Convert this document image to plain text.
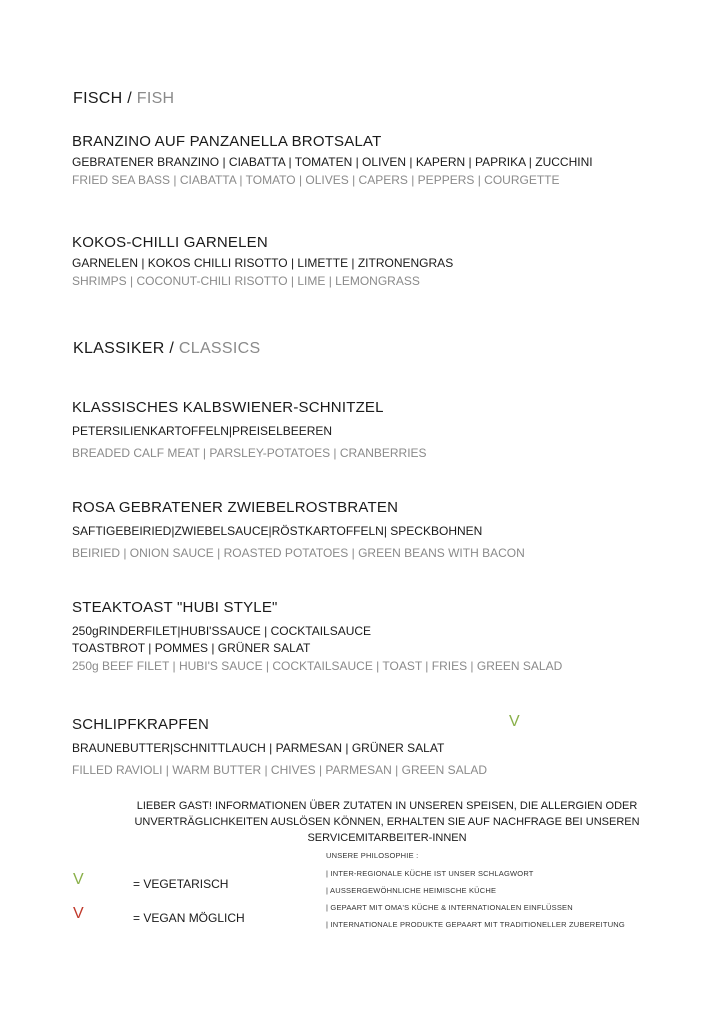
FISCH / FISH
BRANZINO AUF PANZANELLA BROTSALAT
GEBRATENER BRANZINO | CIABATTA | TOMATEN | OLIVEN | KAPERN | PAPRIKA | ZUCCHINI
FRIED SEA BASS | CIABATTA | TOMATO | OLIVES | CAPERS | PEPPERS | COURGETTE
KOKOS-CHILLI GARNELEN
GARNELEN | KOKOS CHILLI RISOTTO | LIMETTE | ZITRONENGRAS
SHRIMPS | COCONUT-CHILI RISOTTO | LIME | LEMONGRASS
KLASSIKER / CLASSICS
KLASSISCHES KALBSWIENER-SCHNITZEL
PETERSILIENKARTOFFELN|PREISELBEEREN
BREADED CALF MEAT | PARSLEY-POTATOES | CRANBERRIES
ROSA GEBRATENER ZWIEBELROSTBRATEN
SAFTIGEBEIRIED|ZWIEBELSAUCE|RÖSTKARTOFFELN| SPECKBOHNEN
BEIRIED | ONION SAUCE | ROASTED POTATOES | GREEN BEANS WITH BACON
STEAKTOAST "HUBI STYLE"
250gRINDERFILET|HUBI'SSAUCE | COCKTAILSAUCE
TOASTBROT | POMMES | GRÜNER SALAT
250g BEEF FILET | HUBI'S SAUCE | COCKTAILSAUCE | TOAST | FRIES | GREEN SALAD
SCHLIPFKRAPFEN	V
BRAUNEBUTTER|SCHNITTLAUCH | PARMESAN | GRÜNER SALAT
FILLED RAVIOLI | WARM BUTTER | CHIVES | PARMESAN | GREEN SALAD
LIEBER GAST! INFORMATIONEN ÜBER ZUTATEN IN UNSEREN SPEISEN, DIE ALLERGIEN ODER UNVERTRÄGLICHKEITEN AUSLÖSEN KÖNNEN, ERHALTEN SIE AUF NACHFRAGE BEI UNSEREN SERVICEMITARBEITER-INNEN
V	= VEGETARISCH
V	= VEGAN MÖGLICH
UNSERE PHILOSOPHIE :
| INTER-REGIONALE KÜCHE IST UNSER SCHLAGWORT
| AUSSERGEWÖHNLICHE HEIMISCHE KÜCHE
| GEPAART MIT OMA'S KÜCHE & INTERNATIONALEN EINFLÜSSEN
| INTERNATIONALE PRODUKTE GEPAART MIT TRADITIONELLER ZUBEREITUNG
